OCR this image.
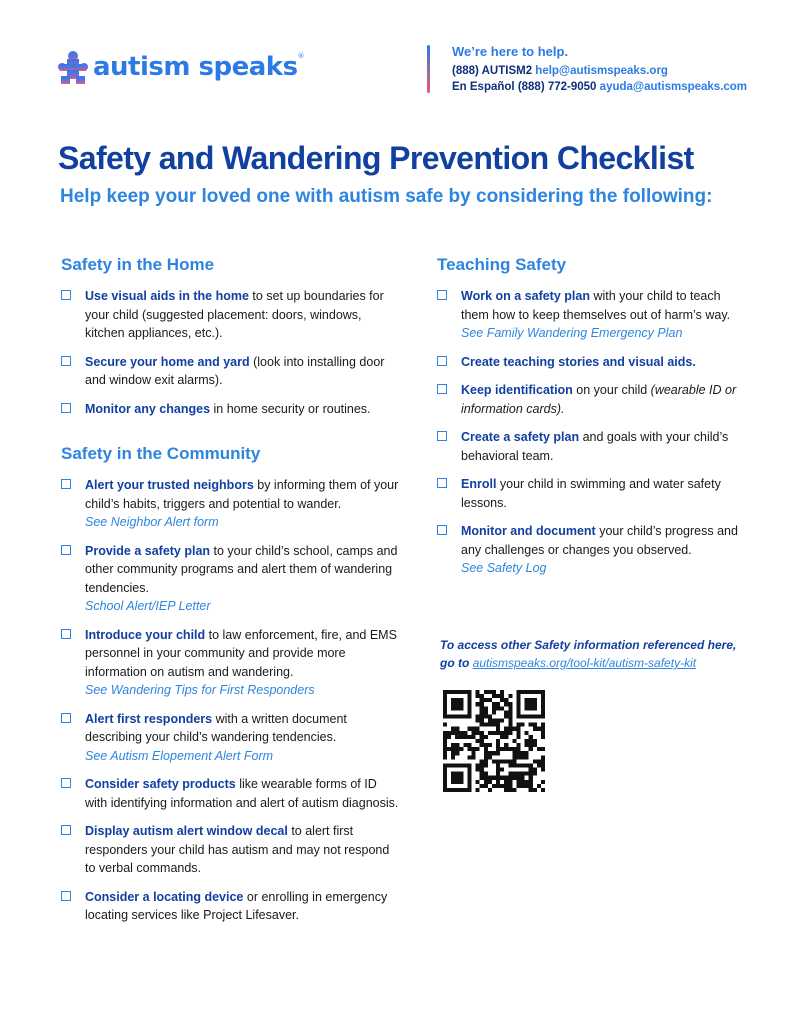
autism speaks®	We’re here to help.
(888) AUTISM2 help@autismspeaks.org
En Español (888) 772-9050 ayuda@autismspeaks.com
Safety and Wandering Prevention Checklist
Help keep your loved one with autism safe by considering the following:
Safety in the Home
Use visual aids in the home to set up boundaries for your child (suggested placement: doors, windows, kitchen appliances, etc.).
Secure your home and yard (look into installing door and window exit alarms).
Monitor any changes in home security or routines.
Safety in the Community
Alert your trusted neighbors by informing them of your child’s habits, triggers and potential to wander.
See Neighbor Alert form
Provide a safety plan to your child’s school, camps and other community programs and alert them of wandering tendencies.
School Alert/IEP Letter
Introduce your child to law enforcement, fire, and EMS personnel in your community and provide more information on autism and wandering.
See Wandering Tips for First Responders
Alert first responders with a written document describing your child’s wandering tendencies.
See Autism Elopement Alert Form
Consider safety products like wearable forms of ID with identifying information and alert of autism diagnosis.
Display autism alert window decal to alert first responders your child has autism and may not respond to verbal commands.
Consider a locating device or enrolling in emergency locating services like Project Lifesaver.
Teaching Safety
Work on a safety plan with your child to teach them how to keep themselves out of harm’s way.
See Family Wandering Emergency Plan
Create teaching stories and visual aids.
Keep identification on your child (wearable ID or information cards).
Create a safety plan and goals with your child’s behavioral team.
Enroll your child in swimming and water safety lessons.
Monitor and document your child’s progress and any challenges or changes you observed.
See Safety Log
To access other Safety information referenced here,
go to autismspeaks.org/tool-kit/autism-safety-kit
